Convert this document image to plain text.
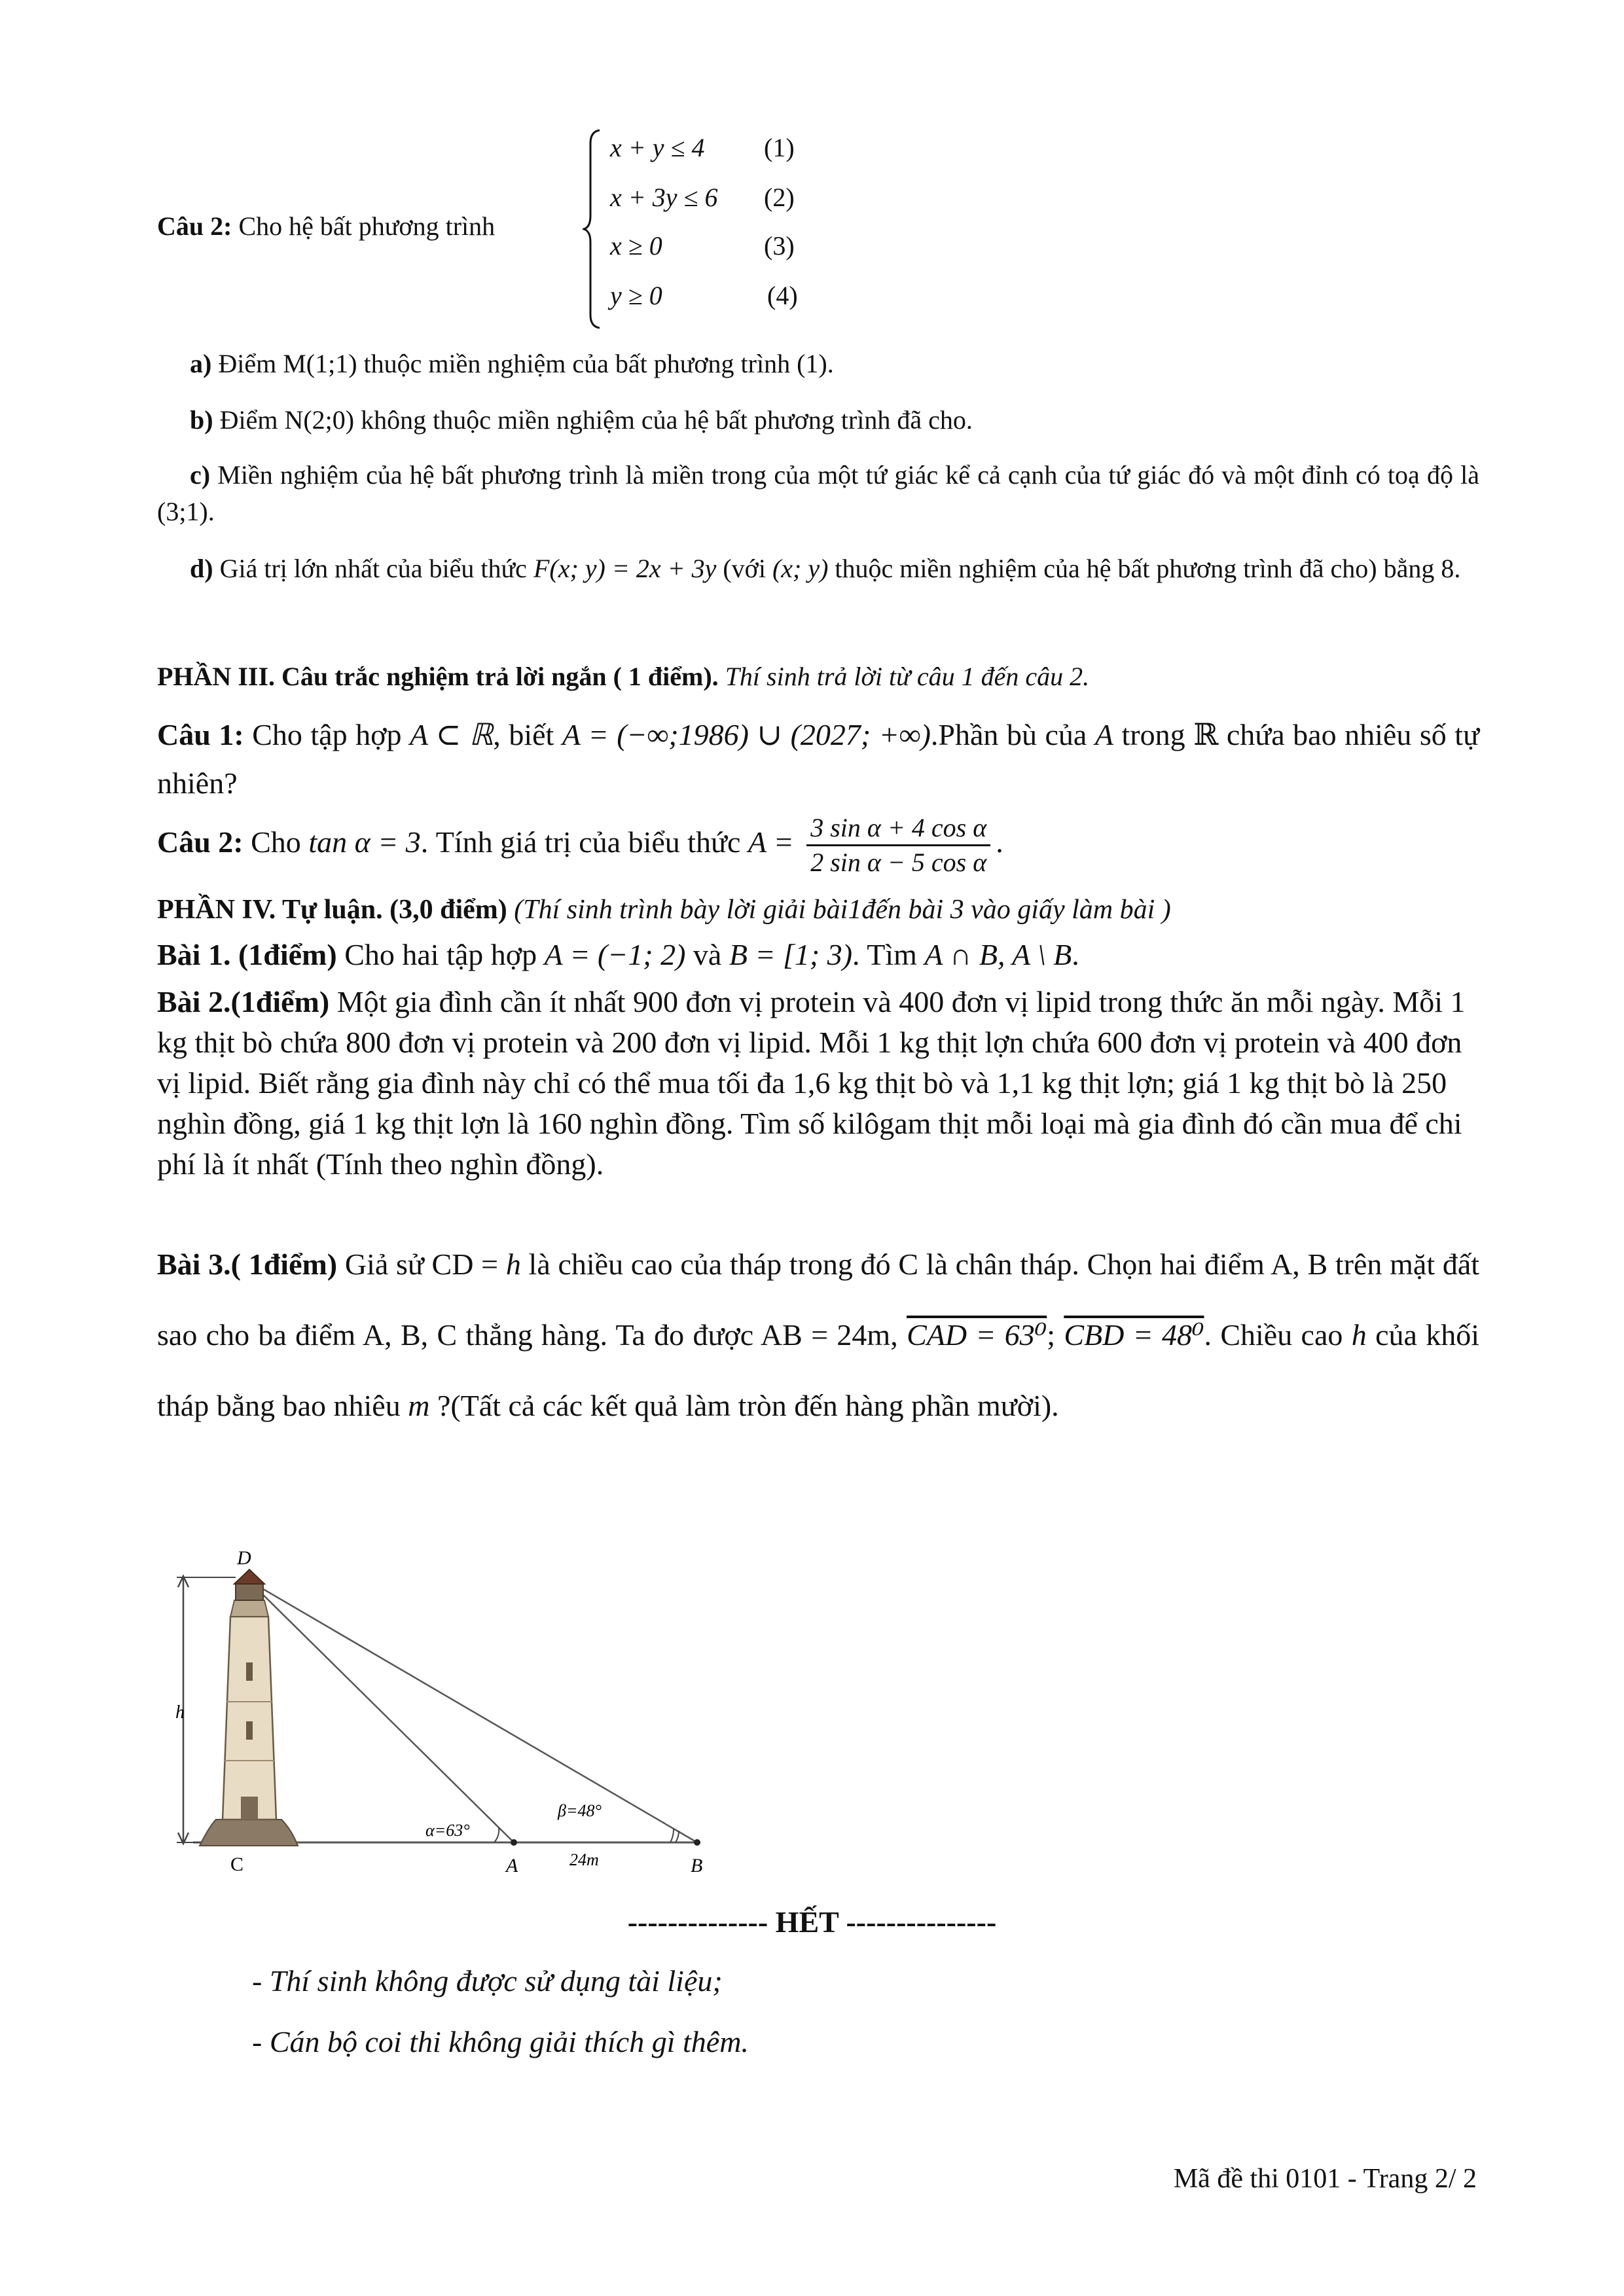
Câu 2: Cho hệ bất phương trình
x + y ≤ 4 (1)
x + 3y ≤ 6 (2)
x ≥ 0	(3)
y ≥ 0	(4)
a) Điểm M(1;1) thuộc miền nghiệm của bất phương trình (1).
b) Điểm N(2;0) không thuộc miền nghiệm của hệ bất phương trình đã cho.
c) Miền nghiệm của hệ bất phương trình là miền trong của một tứ giác kể cả cạnh của tứ giác đó và một đỉnh có toạ độ là (3;1).
d) Giá trị lớn nhất của biểu thức F(x; y) = 2x + 3y (với (x; y) thuộc miền nghiệm của hệ bất phương trình đã cho) bằng 8.
PHẦN III. Câu trắc nghiệm trả lời ngắn ( 1 điểm). Thí sinh trả lời từ câu 1 đến câu 2.
Câu 1: Cho tập hợp A ⊂ ℝ, biết A = (−∞;1986) ∪ (2027; +∞).Phần bù của A trong ℝ chứa bao nhiêu số tự nhiên?
Câu 2: Cho tan α = 3. Tính giá trị của biểu thức $A = \frac{\text{3 sin α + 4 cos α}}{\text{2 sin α − 5 cos α}}$ .
PHẦN IV. Tự luận. (3,0 điểm) (Thí sinh trình bày lời giải bài1đến bài 3 vào giấy làm bài )
Bài 1. (1điểm) Cho hai tập hợp A = (−1; 2) và B = [1; 3). Tìm A ∩ B, A \ B.
Bài 2.(1điểm) Một gia đình cần ít nhất 900 đơn vị protein và 400 đơn vị lipid trong thức ăn mỗi ngày. Mỗi 1 kg thịt bò chứa 800 đơn vị protein và 200 đơn vị lipid. Mỗi 1 kg thịt lợn chứa 600 đơn vị protein và 400 đơn vị lipid. Biết rằng gia đình này chỉ có thể mua tối đa 1,6 kg thịt bò và 1,1 kg thịt lợn; giá 1 kg thịt bò là 250 nghìn đồng, giá 1 kg thịt lợn là 160 nghìn đồng. Tìm số kilôgam thịt mỗi loại mà gia đình đó cần mua để chi phí là ít nhất (Tính theo nghìn đồng).
Bài 3.( 1điểm) Giả sử CD = h là chiều cao của tháp trong đó C là chân tháp. Chọn hai điểm A, B trên mặt đất sao cho ba điểm A, B, C thẳng hàng. Ta đo được AB = 24m, CAD = 63⁰; CBD = 48⁰. Chiều cao h của khối tháp bằng bao nhiêu m ?(Tất cả các kết quả làm tròn đến hàng phần mười).
D
C	A	B
h
α=63°
β=48°
24m
-------------- HẾT ---------------
- Thí sinh không được sử dụng tài liệu;
- Cán bộ coi thi không giải thích gì thêm.
Mã đề thi 0101 - Trang 2/ 2
